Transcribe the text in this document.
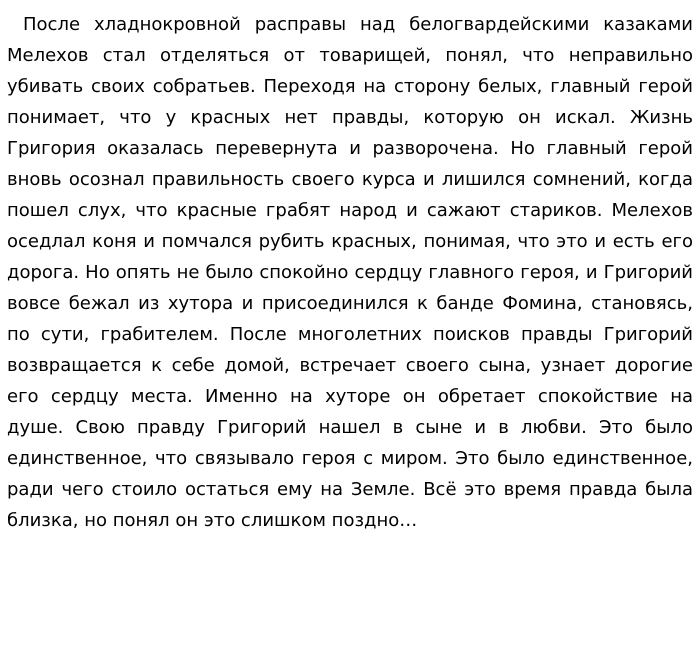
После хладнокровной расправы над белогвардейскими казаками Мелехов стал отделяться от товарищей, понял, что неправильно убивать своих собратьев. Переходя на сторону белых, главный герой понимает, что у красных нет правды, которую он искал. Жизнь Григория оказалась перевернута и разворочена. Но главный герой вновь осознал правильность своего курса и лишился сомнений, когда пошел слух, что красные грабят народ и сажают стариков. Мелехов оседлал коня и помчался рубить красных, понимая, что это и есть его дорога. Но опять не было спокойно сердцу главного героя, и Григорий вовсе бежал из хутора и присоединился к банде Фомина, становясь, по сути, грабителем. После многолетних поисков правды Григорий возвращается к себе домой, встречает своего сына, узнает дорогие его сердцу места. Именно на хуторе он обретает спокойствие на душе. Свою правду Григорий нашел в сыне и в любви. Это было единственное, что связывало героя с миром. Это было единственное, ради чего стоило остаться ему на Земле. Всё это время правда была близка, но понял он это слишком поздно…
